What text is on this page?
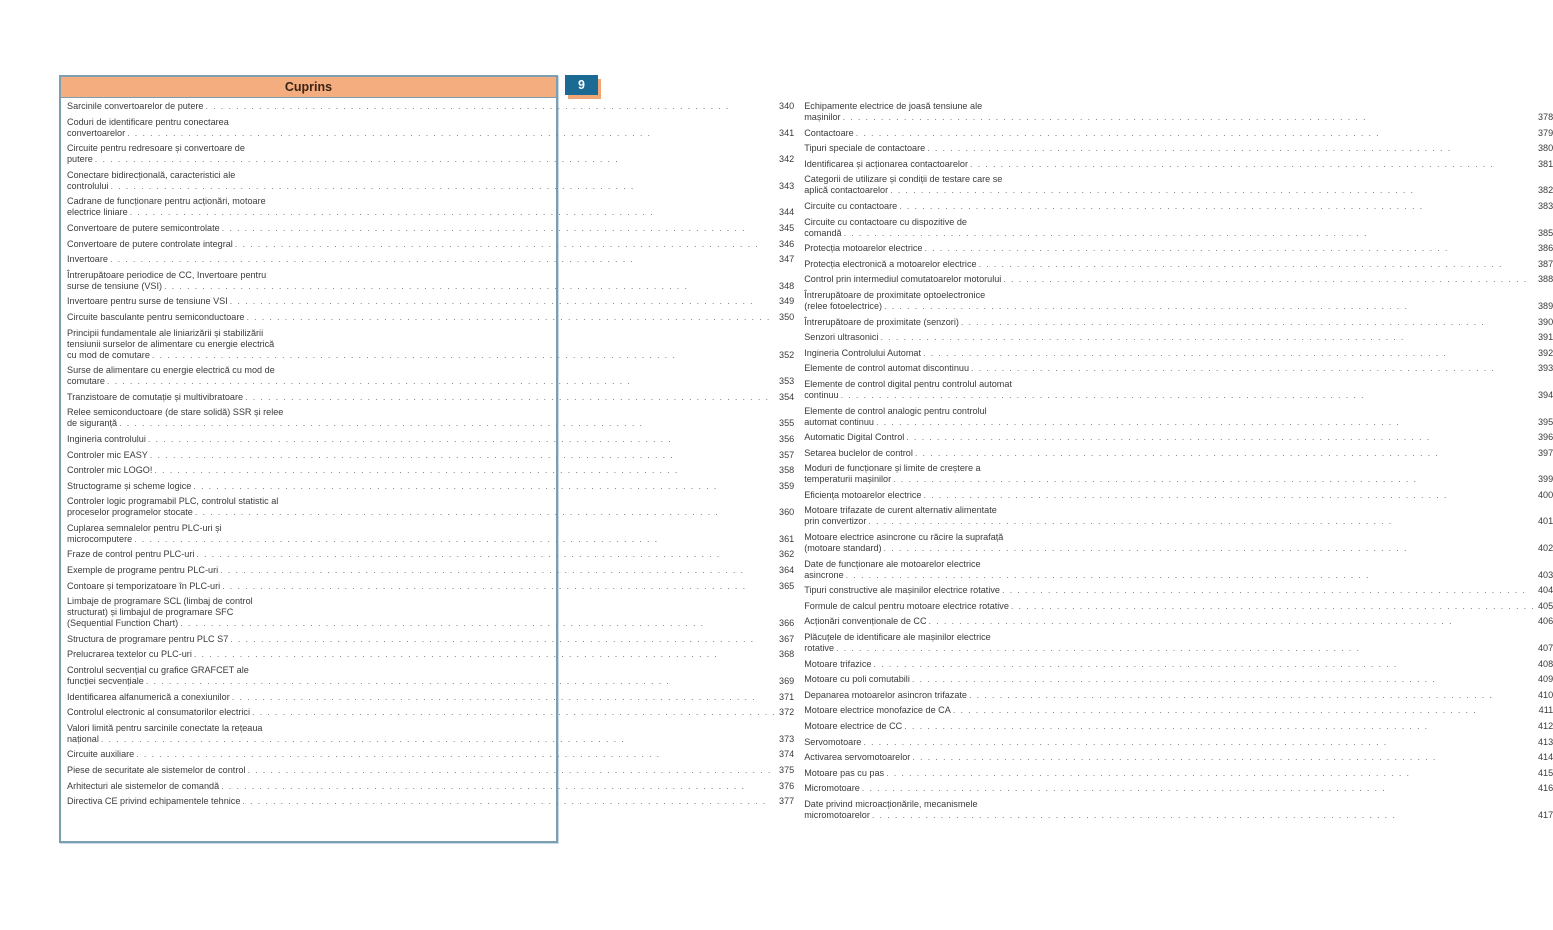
Cuprins
Sarcinile convertoarelor de putere . . .	340
Coduri de identificare pentru conectarea
convertoarelor . . .	341
Circuite pentru redresoare și convertoare de
putere . . .	342
Conectare bidirecțională, caracteristici ale
controlului . . .	343
Cadrane de funcționare pentru acționări, motoare
electrice liniare . . .	344
Convertoare de putere semicontrolate . . .	345
Convertoare de putere controlate integral . . .	346
Invertoare . . .	347
Întrerupătoare periodice de CC, Invertoare pentru
surse de tensiune (VSI) . . .	348
Invertoare pentru surse de tensiune VSI . . .	349
Circuite basculante pentru semiconductoare . . .	350
Principii fundamentale ale liniarizării și stabilizării
tensiunii surselor de alimentare cu energie electrică
cu mod de comutare . . .	352
Surse de alimentare cu energie electrică cu mod de
comutare . . .	353
Tranzistoare de comutație și multivibratoare . . .	354
Relee semiconductoare (de stare solidă) SSR și relee
de siguranță . . .	355
Ingineria controlului . . .	356
Controler mic EASY . . .	357
Controler mic LOGO! . . .	358
Structograme și scheme logice . . .	359
Controler logic programabil PLC, controlul statistic al
proceselor programelor stocate . . .	360
Cuplarea semnalelor pentru PLC-uri și
microcomputere . . .	361
Fraze de control pentru PLC-uri . . .	362
Exemple de programe pentru PLC-uri . . .	364
Contoare și temporizatoare în PLC-uri . . .	365
Limbaje de programare SCL (limbaj de control
structurat) și limbajul de programare SFC
(Sequential Function Chart) . . .	366
Structura de programare pentru PLC S7 . . .	367
Prelucrarea textelor cu PLC-uri . . .	368
Controlul secvențial cu grafice GRAFCET ale
funcției secvențiale . . .	369
Identificarea alfanumerică a conexiunilor . . .	371
Controlul electronic al consumatorilor electrici . . .	372
Valori limită pentru sarcinile conectate la rețeaua
național . . .	373
Circuite auxiliare . . .	374
Piese de securitate ale sistemelor de control . . .	375
Arhitecturi ale sistemelor de comandă . . .	376
Directiva CE privind echipamentele tehnice . . .	377
Echipamente electrice de joasă tensiune ale
mașinilor . . .	378
Contactoare . . .	379
Tipuri speciale de contactoare . . .	380
Identificarea și acționarea contactoarelor . . .	381
Categorii de utilizare și condiții de testare care se
aplică contactoarelor . . .	382
Circuite cu contactoare . . .	383
Circuite cu contactoare cu dispozitive de
comandă . . .	385
Protecția motoarelor electrice . . .	386
Protecția electronică a motoarelor electrice . . .	387
Control prin intermediul comutatoarelor motorului . . .	388
Întrerupătoare de proximitate optoelectronice
(relee fotoelectrice) . . .	389
Întrerupătoare de proximitate (senzori) . . .	390
Senzori ultrasonici . . .	391
Ingineria Controlului Automat . . .	392
Elemente de control automat discontinuu . . .	393
Elemente de control digital pentru controlul automat
continuu . . .	394
Elemente de control analogic pentru controlul
automat continuu . . .	395
Automatic Digital Control . . .	396
Setarea buclelor de control . . .	397
Moduri de funcționare și limite de creștere a
temperaturii mașinilor . . .	399
Eficiența motoarelor electrice . . .	400
Motoare trifazate de curent alternativ alimentate
prin convertizor . . .	401
Motoare electrice asincrone cu răcire la suprafață
(motoare standard) . . .	402
Date de funcționare ale motoarelor electrice
asincrone . . .	403
Tipuri constructive ale mașinilor electrice rotative . . .	404
Formule de calcul pentru motoare electrice rotative . . .	405
Acționări convenționale de CC . . .	406
Plăcuțele de identificare ale mașinilor electrice
rotative . . .	407
Motoare trifazice . . .	408
Motoare cu poli comutabili . . .	409
Depanarea motoarelor asincron trifazate . . .	410
Motoare electrice monofazice de CA . . .	411
Motoare electrice de CC . . .	412
Servomotoare . . .	413
Activarea servomotoarelor . . .	414
Motoare pas cu pas . . .	415
Micromotoare . . .	416
Date privind microacționările, mecanismele
micromotoarelor . . .	417
9
